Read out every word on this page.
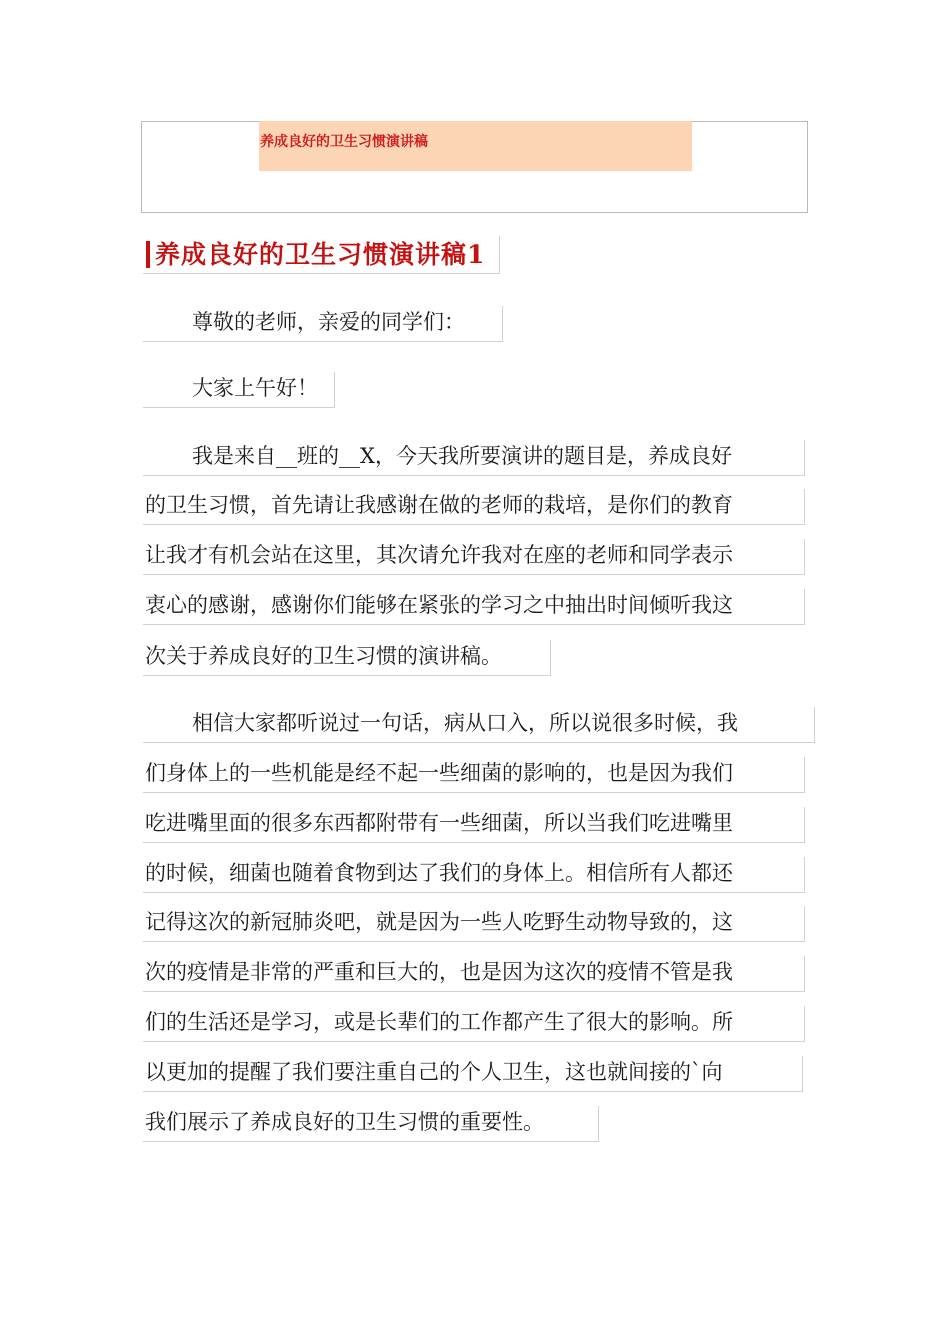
养成良好的卫生习惯演讲稿
养成良好的卫生习惯演讲稿1
尊敬的老师，亲爱的同学们：
大家上午好！
我是来自__班的__X，今天我所要演讲的题目是，养成良好
的卫生习惯，首先请让我感谢在做的老师的栽培，是你们的教育
让我才有机会站在这里，其次请允许我对在座的老师和同学表示
衷心的感谢，感谢你们能够在紧张的学习之中抽出时间倾听我这
次关于养成良好的卫生习惯的演讲稿。
相信大家都听说过一句话，病从口入，所以说很多时候，我
们身体上的一些机能是经不起一些细菌的影响的，也是因为我们
吃进嘴里面的很多东西都附带有一些细菌，所以当我们吃进嘴里
的时候，细菌也随着食物到达了我们的身体上。相信所有人都还
记得这次的新冠肺炎吧，就是因为一些人吃野生动物导致的，这
次的疫情是非常的严重和巨大的，也是因为这次的疫情不管是我
们的生活还是学习，或是长辈们的工作都产生了很大的影响。所
以更加的提醒了我们要注重自己的个人卫生，这也就间接的`向
我们展示了养成良好的卫生习惯的重要性。
